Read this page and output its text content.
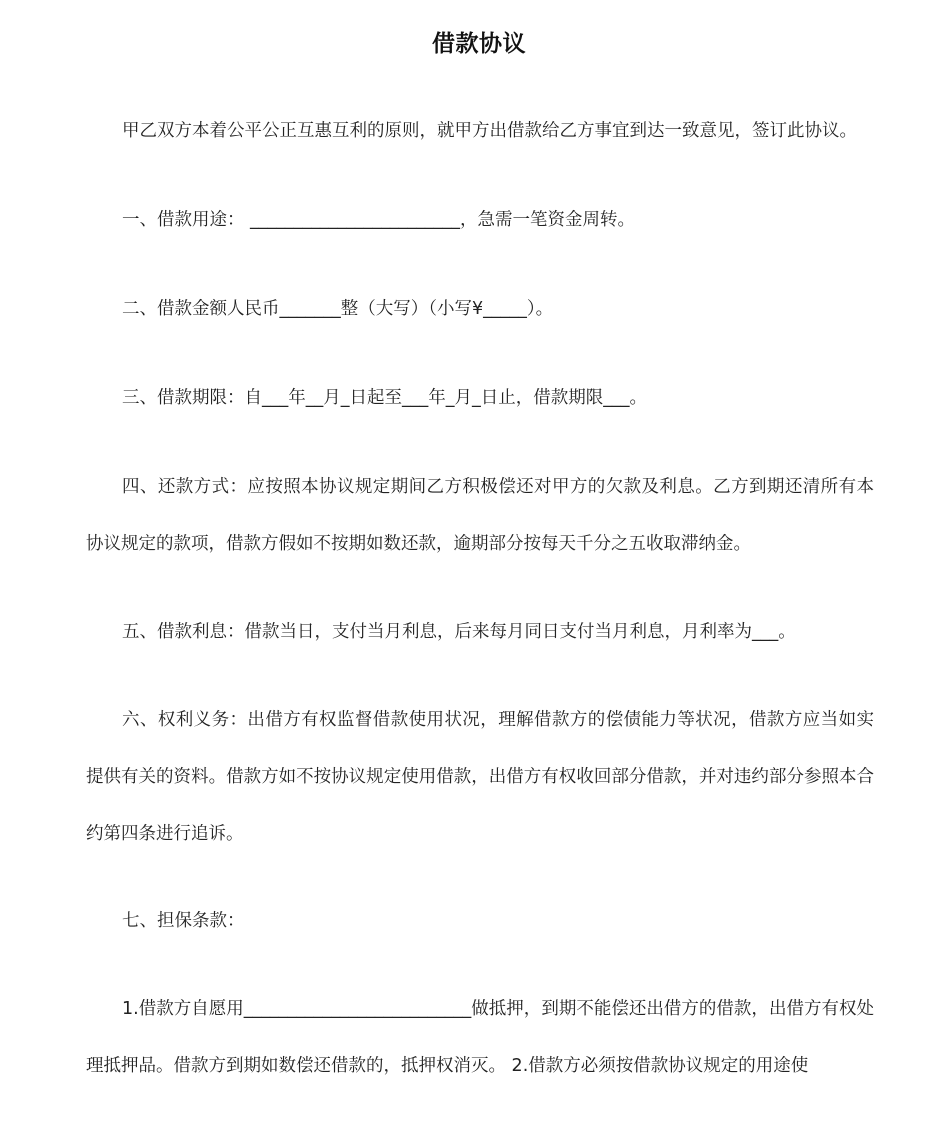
借款协议

甲乙双方本着公平公正互惠互利的原则，就甲方出借款给乙方事宜到达一致意见，签订此协议。

一、借款用途： ________________________，急需一笔资金周转。

二、借款金额人民币_______整（大写）（小写¥_____）。

三、借款期限：自___年__月_日起至___年_月_日止，借款期限___。

四、还款方式：应按照本协议规定期间乙方积极偿还对甲方的欠款及利息。乙方到期还清所有本协议规定的款项，借款方假如不按期如数还款，逾期部分按每天千分之五收取滞纳金。

五、借款利息：借款当日，支付当月利息，后来每月同日支付当月利息，月利率为___。

六、权利义务：出借方有权监督借款使用状况，理解借款方的偿债能力等状况，借款方应当如实提供有关的资料。借款方如不按协议规定使用借款，出借方有权收回部分借款，并对违约部分参照本合约第四条进行追诉。

七、担保条款：

1.借款方自愿用__________________________做抵押，到期不能偿还出借方的借款，出借方有权处理抵押品。借款方到期如数偿还借款的，抵押权消灭。 2.借款方必须按借款协议规定的用途使
